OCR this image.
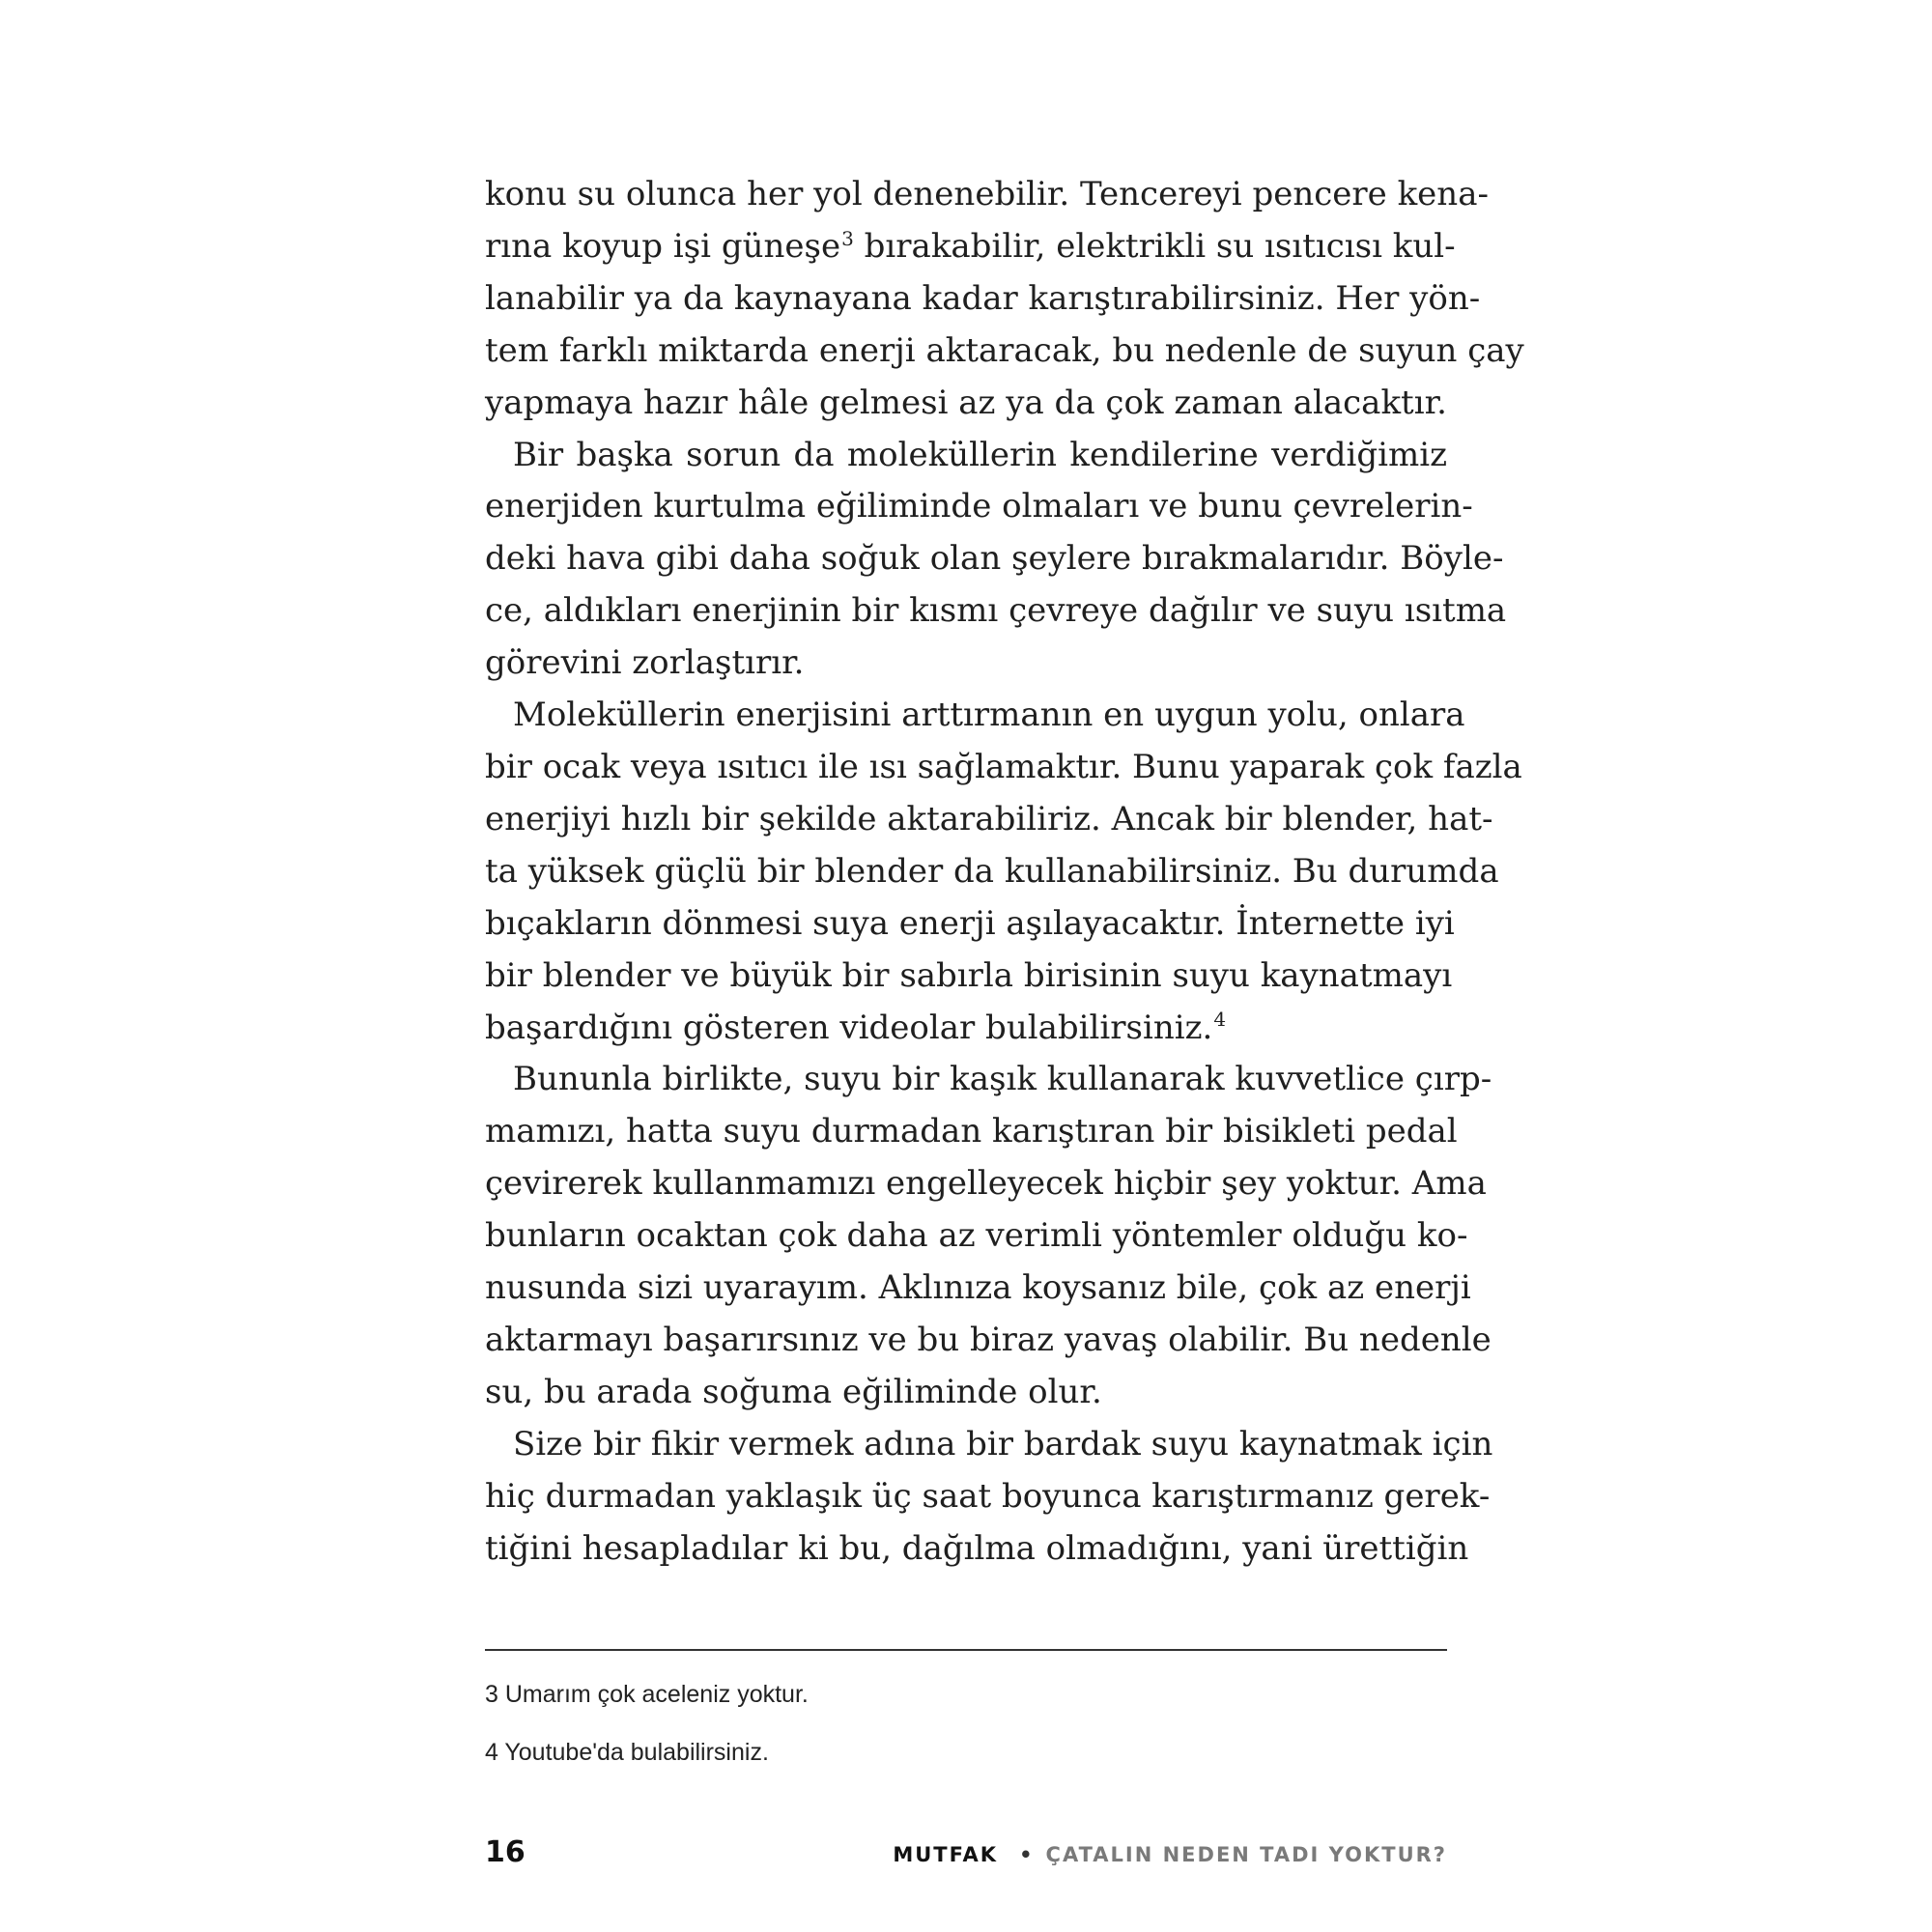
konu su olunca her yol denenebilir. Tencereyi pencere kena-
rına koyup işi güneşe$^3$ bırakabilir, elektrikli su ısıtıcısı kul-
lanabilir ya da kaynayana kadar karıştırabilirsiniz. Her yön-
tem farklı miktarda enerji aktaracak, bu nedenle de suyun çay
yapmaya hazır hâle gelmesi az ya da çok zaman alacaktır.
Bir başka sorun da moleküllerin kendilerine verdiğimiz
enerjiden kurtulma eğiliminde olmaları ve bunu çevrelerin-
deki hava gibi daha soğuk olan şeylere bırakmalarıdır. Böyle-
ce, aldıkları enerjinin bir kısmı çevreye dağılır ve suyu ısıtma
görevini zorlaştırır.
Moleküllerin enerjisini arttırmanın en uygun yolu, onlara
bir ocak veya ısıtıcı ile ısı sağlamaktır. Bunu yaparak çok fazla
enerjiyi hızlı bir şekilde aktarabiliriz. Ancak bir blender, hat-
ta yüksek güçlü bir blender da kullanabilirsiniz. Bu durumda
bıçakların dönmesi suya enerji aşılayacaktır. İnternette iyi
bir blender ve büyük bir sabırla birisinin suyu kaynatmayı
başardığını gösteren videolar bulabilirsiniz.$^4$
Bununla birlikte, suyu bir kaşık kullanarak kuvvetlice çırp-
mamızı, hatta suyu durmadan karıştıran bir bisikleti pedal
çevirerek kullanmamızı engelleyecek hiçbir şey yoktur. Ama
bunların ocaktan çok daha az verimli yöntemler olduğu ko-
nusunda sizi uyarayım. Aklınıza koysanız bile, çok az enerji
aktarmayı başarırsınız ve bu biraz yavaş olabilir. Bu nedenle
su, bu arada soğuma eğiliminde olur.
Size bir fikir vermek adına bir bardak suyu kaynatmak için
hiç durmadan yaklaşık üç saat boyunca karıştırmanız gerek-
tiğini hesapladılar ki bu, dağılma olmadığını, yani ürettiğin

3 Umarım çok aceleniz yoktur.

4 Youtube'da bulabilirsiniz.

16	MUTFAK • ÇATALIN NEDEN TADI YOKTUR?
